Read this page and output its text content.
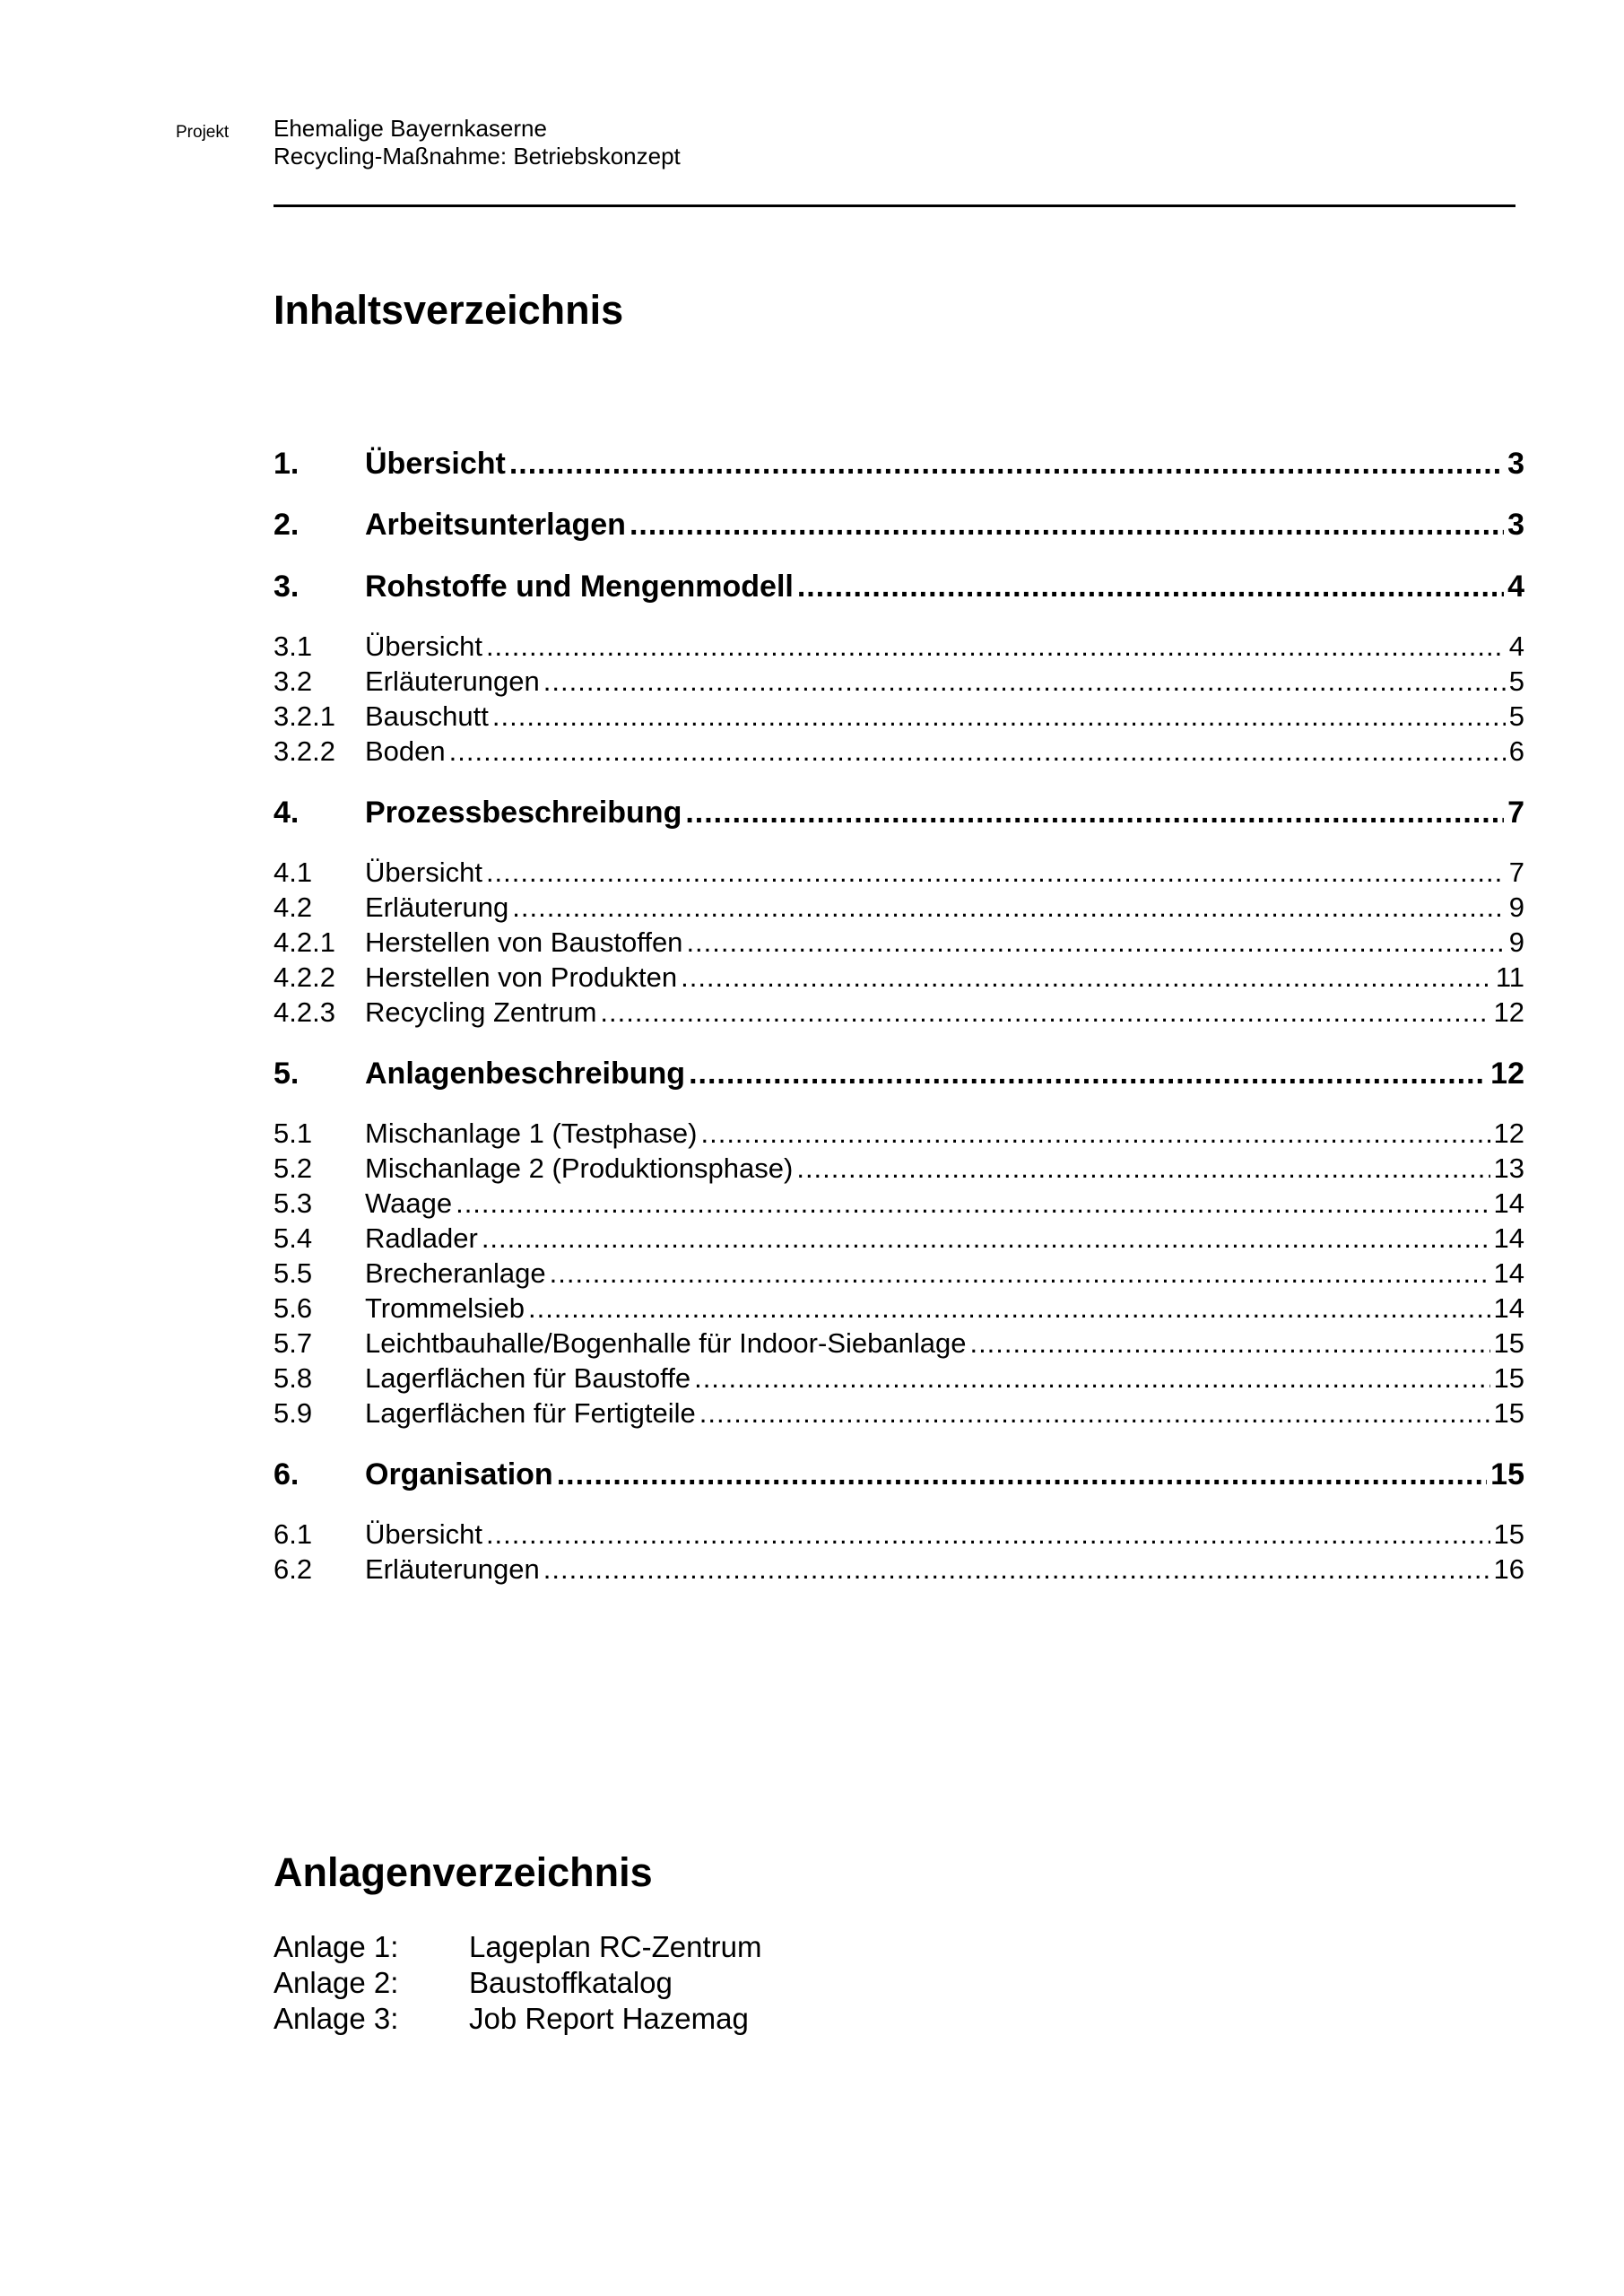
Projekt Ehemalige Bayernkaserne
Recycling-Maßnahme: Betriebskonzept
Inhaltsverzeichnis
1.	Übersicht .....	3
2.	Arbeitsunterlagen .....	3
3.	Rohstoffe und Mengenmodell .....	4
3.1	Übersicht .....	4
3.2	Erläuterungen .....	5
3.2.1	Bauschutt .....	5
3.2.2	Boden .....	6
4.	Prozessbeschreibung .....	7
4.1	Übersicht .....	7
4.2	Erläuterung .....	9
4.2.1	Herstellen von Baustoffen .....	9
4.2.2	Herstellen von Produkten .....	11
4.2.3	Recycling Zentrum .....	12
5.	Anlagenbeschreibung .....	12
5.1	Mischanlage 1 (Testphase) .....	12
5.2	Mischanlage 2 (Produktionsphase) .....	13
5.3	Waage .....	14
5.4	Radlader .....	14
5.5	Brecheranlage .....	14
5.6	Trommelsieb .....	14
5.7	Leichtbauhalle/Bogenhalle für Indoor-Siebanlage .....	15
5.8	Lagerflächen für Baustoffe .....	15
5.9	Lagerflächen für Fertigteile .....	15
6.	Organisation .....	15
6.1	Übersicht .....	15
6.2	Erläuterungen .....	16
Anlagenverzeichnis
Anlage 1:	Lageplan RC-Zentrum
Anlage 2:	Baustoffkatalog
Anlage 3:	Job Report Hazemag
